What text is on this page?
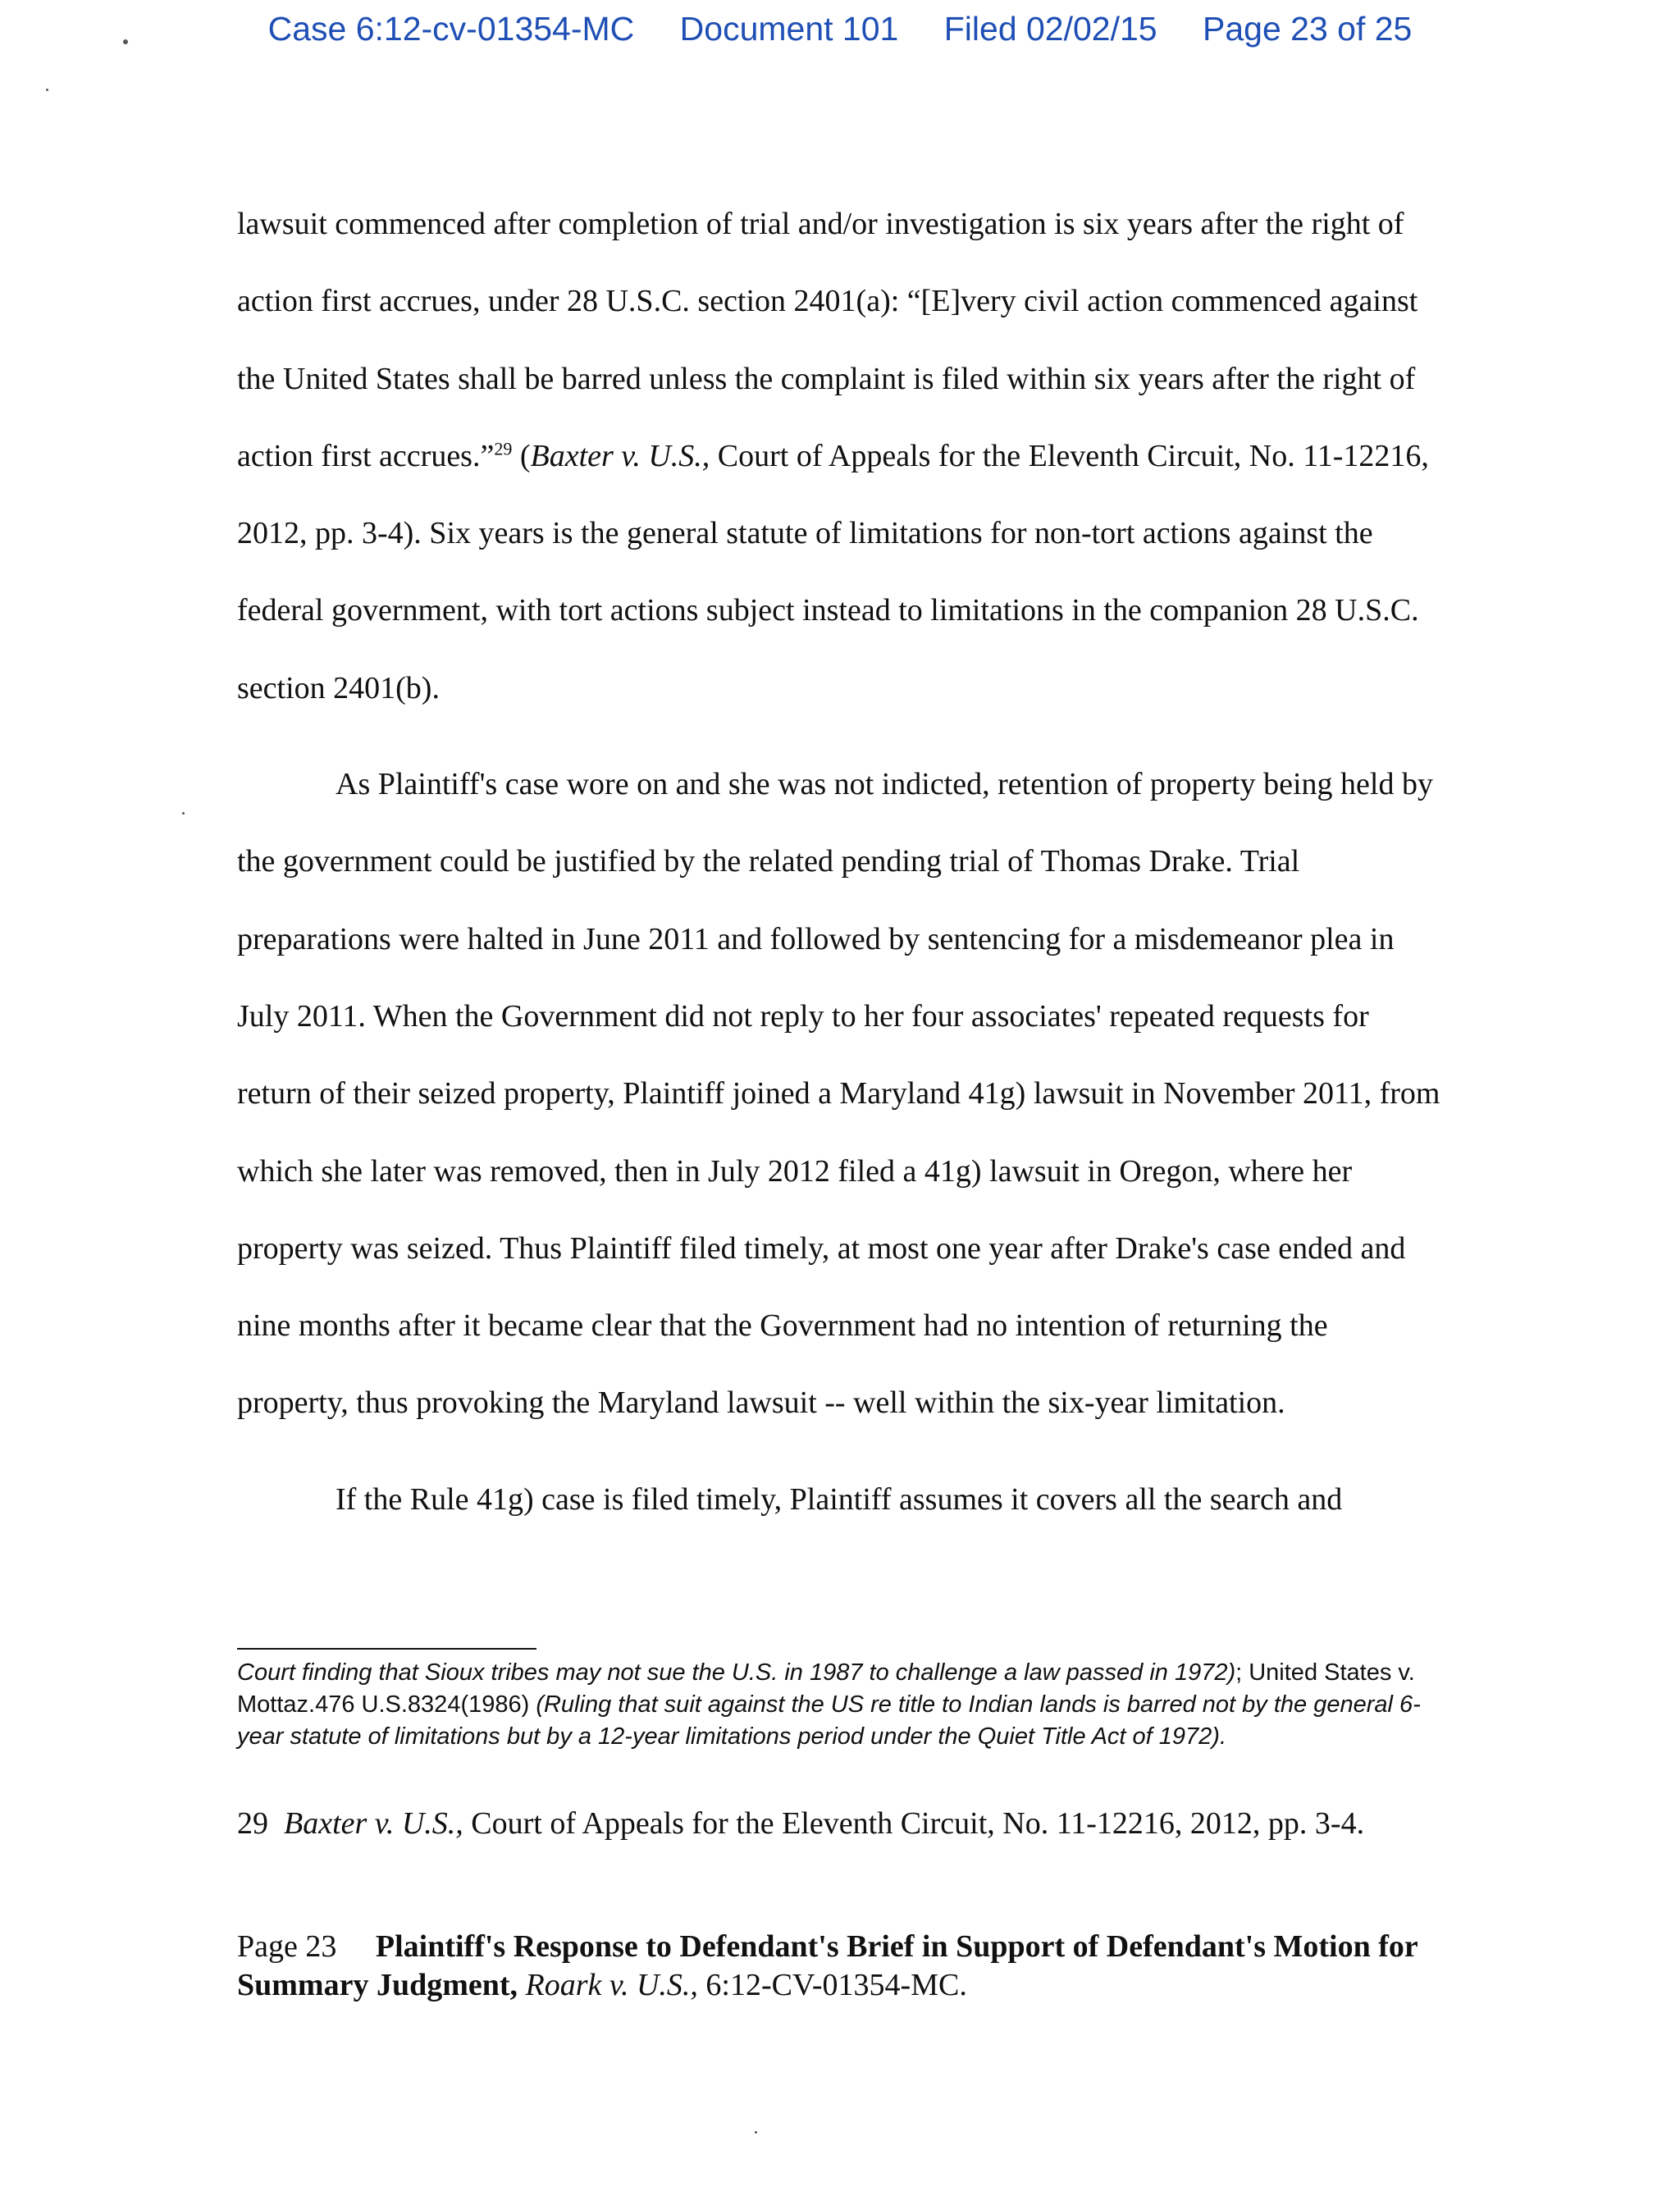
Case 6:12-cv-01354-MC Document 101 Filed 02/02/15 Page 23 of 25

lawsuit commenced after completion of trial and/or investigation is six years after the right of action first accrues, under 28 U.S.C. section 2401(a): “[E]very civil action commenced against the United States shall be barred unless the complaint is filed within six years after the right of action first accrues.”$^{29}$ (Baxter v. U.S., Court of Appeals for the Eleventh Circuit, No. 11-12216, 2012, pp. 3-4). Six years is the general statute of limitations for non-tort actions against the federal government, with tort actions subject instead to limitations in the companion 28 U.S.C. section 2401(b).

As Plaintiff's case wore on and she was not indicted, retention of property being held by the government could be justified by the related pending trial of Thomas Drake. Trial preparations were halted in June 2011 and followed by sentencing for a misdemeanor plea in July 2011. When the Government did not reply to her four associates' repeated requests for return of their seized property, Plaintiff joined a Maryland 41g) lawsuit in November 2011, from which she later was removed, then in July 2012 filed a 41g) lawsuit in Oregon, where her property was seized. Thus Plaintiff filed timely, at most one year after Drake's case ended and nine months after it became clear that the Government had no intention of returning the property, thus provoking the Maryland lawsuit -- well within the six-year limitation.

If the Rule 41g) case is filed timely, Plaintiff assumes it covers all the search and

Court finding that Sioux tribes may not sue the U.S. in 1987 to challenge a law passed in 1972); United States v. Mottaz.476 U.S.8324(1986) (Ruling that suit against the US re title to Indian lands is barred not by the general 6-year statute of limitations but by a 12-year limitations period under the Quiet Title Act of 1972).
29 Baxter v. U.S., Court of Appeals for the Eleventh Circuit, No. 11-12216, 2012, pp. 3-4.
Page 23 Plaintiff's Response to Defendant's Brief in Support of Defendant's Motion for Summary Judgment, Roark v. U.S., 6:12-CV-01354-MC.
